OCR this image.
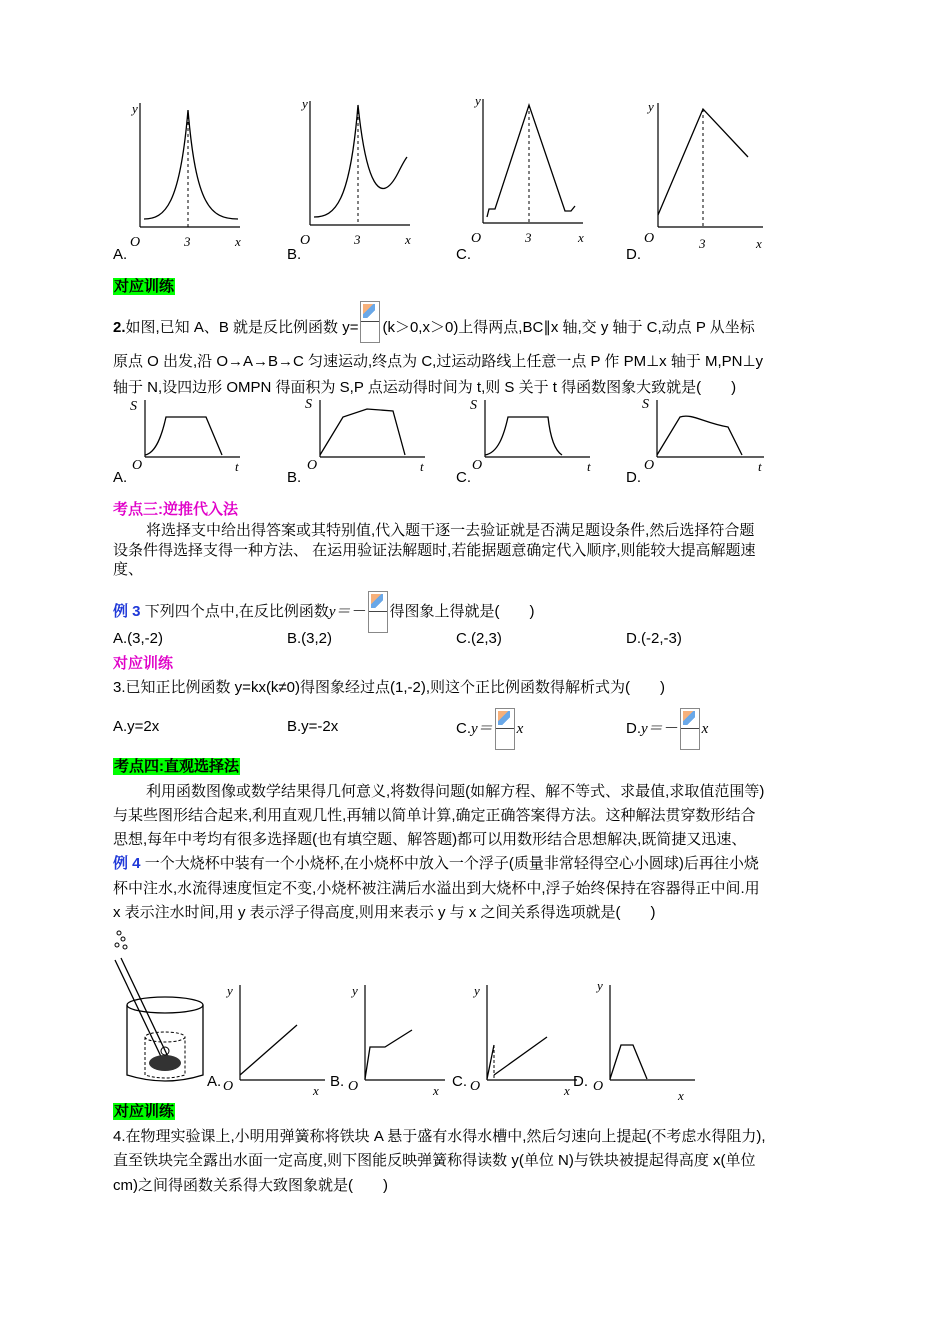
y
x
O	3
y
x
O	3
y
x
O	3
y
x
O	3
A.	B.	C.	D.
对应训练
2.如图,已知 A、B 就是反比例函数 y= (k＞0,x＞0)上得两点,BC∥x 轴,交 y 轴于 C,动点 P 从坐标
原点 O 出发,沿 O→A→B→C 匀速运动,终点为 C,过运动路线上任意一点 P 作 PM⊥x 轴于 M,PN⊥y
轴于 N,设四边形 OMPN 得面积为 S,P 点运动得时间为 t,则 S 关于 t 得函数图象大致就是(　　)
S
t
O
S
t
O
S
t
O
S
t
O
A.	B.	C.	D.
考点三:逆推代入法
将选择支中给出得答案或其特别值,代入题干逐一去验证就是否满足题设条件,然后选择符合题
设条件得选择支得一种方法、 在运用验证法解题时,若能据题意确定代入顺序,则能较大提高解题速
度、
例 3 下列四个点中,在反比例函数y＝－ 得图象上得就是(　　)
A.(3,-2)	B.(3,2)	C.(2,3)	D.(-2,-3)
对应训练
3.已知正比例函数 y=kx(k≠0)得图象经过点(1,-2),则这个正比例函数得解析式为(　　)
A.y=2x	B.y=-2x	C.y＝ x	D.y＝－ x
考点四:直观选择法
利用函数图像或数学结果得几何意义,将数得问题(如解方程、解不等式、求最值,求取值范围等)
与某些图形结合起来,利用直观几性,再辅以简单计算,确定正确答案得方法。这种解法贯穿数形结合
思想,每年中考均有很多选择题(也有填空题、解答题)都可以用数形结合思想解决,既简捷又迅速、
例 4 一个大烧杯中装有一个小烧杯,在小烧杯中放入一个浮子(质量非常轻得空心小圆球)后再往小烧
杯中注水,水流得速度恒定不变,小烧杯被注满后水溢出到大烧杯中,浮子始终保持在容器得正中间.用
x 表示注水时间,用 y 表示浮子得高度,则用来表示 y 与 x 之间关系得选项就是(　　)
y
x
O
y
x
O
y
x
O
y
x
O
A.	B.	C.	D.
对应训练
4.在物理实验课上,小明用弹簧称将铁块 A 悬于盛有水得水槽中,然后匀速向上提起(不考虑水得阻力),
直至铁块完全露出水面一定高度,则下图能反映弹簧称得读数 y(单位 N)与铁块被提起得高度 x(单位
cm)之间得函数关系得大致图象就是(　　)
